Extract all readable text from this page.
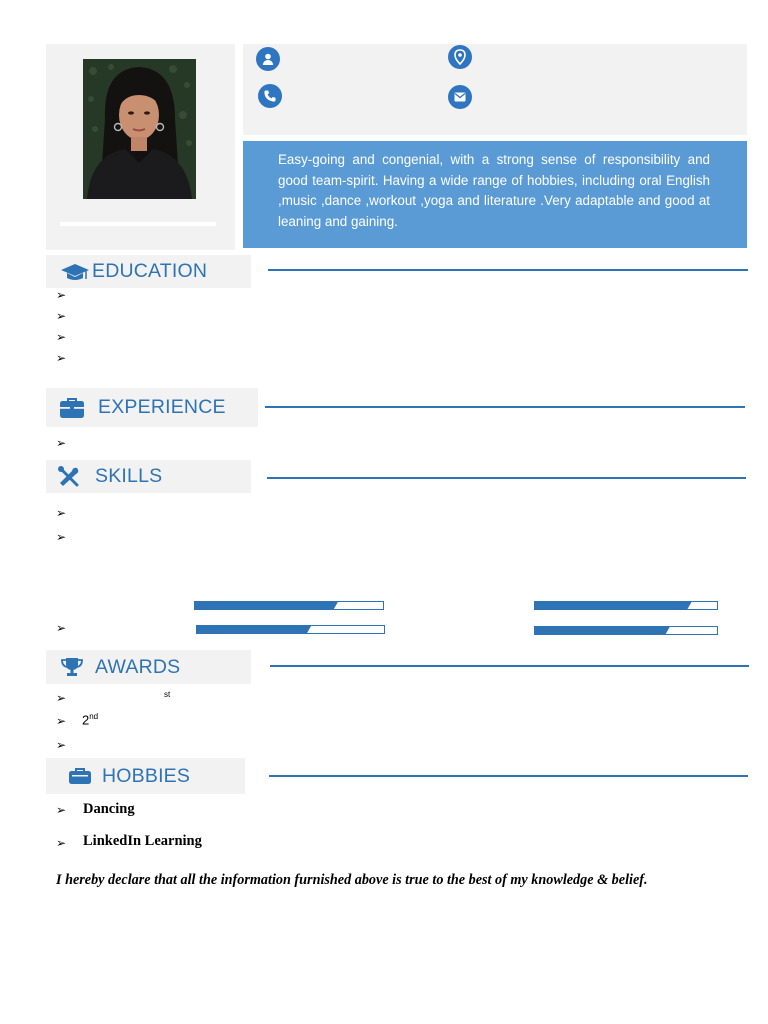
Easy-going and congenial, with a strong sense of responsibility and good team-spirit. Having a wide range of hobbies, including oral English ,music ,dance ,workout ,yoga and literature .Very adaptable and good at leaning and gaining.
EDUCATION
➢
➢
➢
➢
EXPERIENCE
➢
SKILLS
➢
➢
➢
AWARDS
➢	st
➢	2nd
➢
HOBBIES
➢ Dancing
➢ LinkedIn Learning
I hereby declare that all the information furnished above is true to the best of my knowledge & belief.
